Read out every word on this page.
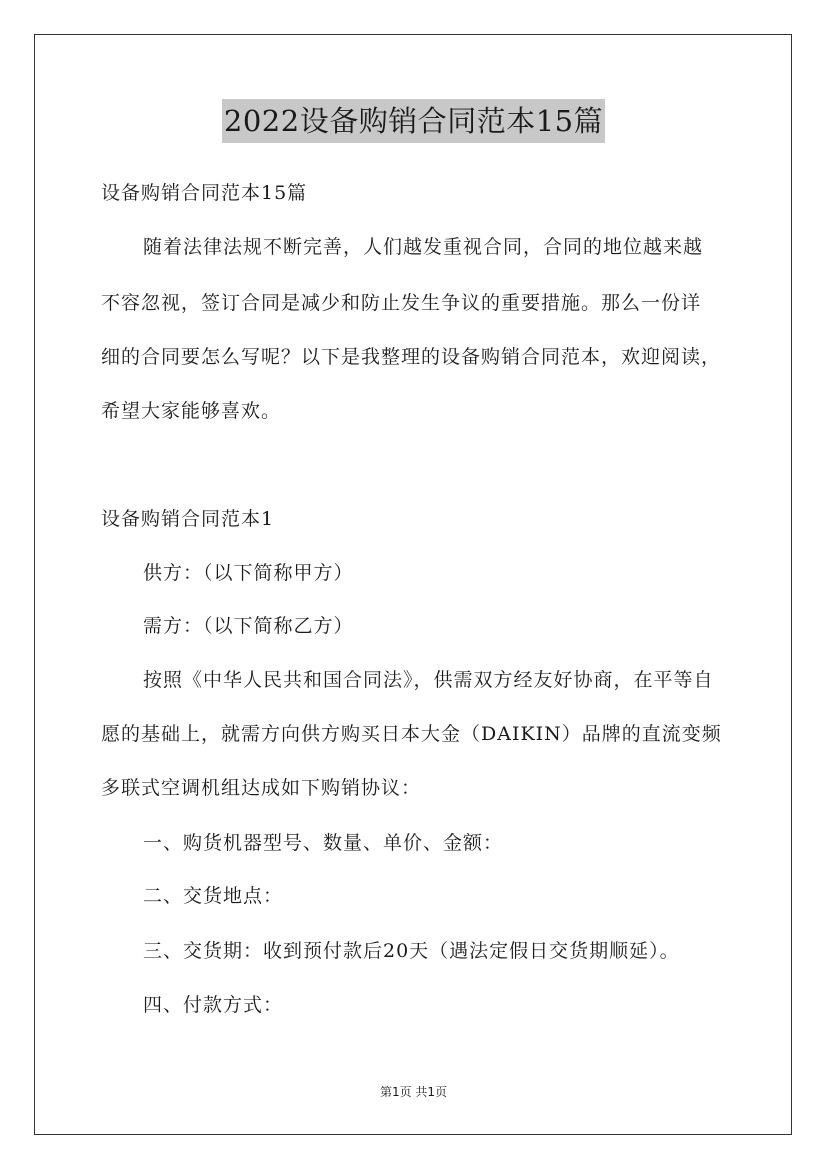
2022设备购销合同范本15篇
设备购销合同范本15篇
随着法律法规不断完善，人们越发重视合同，合同的地位越来越
不容忽视，签订合同是减少和防止发生争议的重要措施。那么一份详
细的合同要怎么写呢？以下是我整理的设备购销合同范本，欢迎阅读，
希望大家能够喜欢。
设备购销合同范本1
供方：（以下简称甲方）
需方：（以下简称乙方）
按照《中华人民共和国合同法》，供需双方经友好协商，在平等自
愿的基础上，就需方向供方购买日本大金（DAIKIN）品牌的直流变频
多联式空调机组达成如下购销协议：
一、购货机器型号、数量、单价、金额：
二、交货地点：
三、交货期：收到预付款后20天（遇法定假日交货期顺延）。
四、付款方式：
第1页 共1页
